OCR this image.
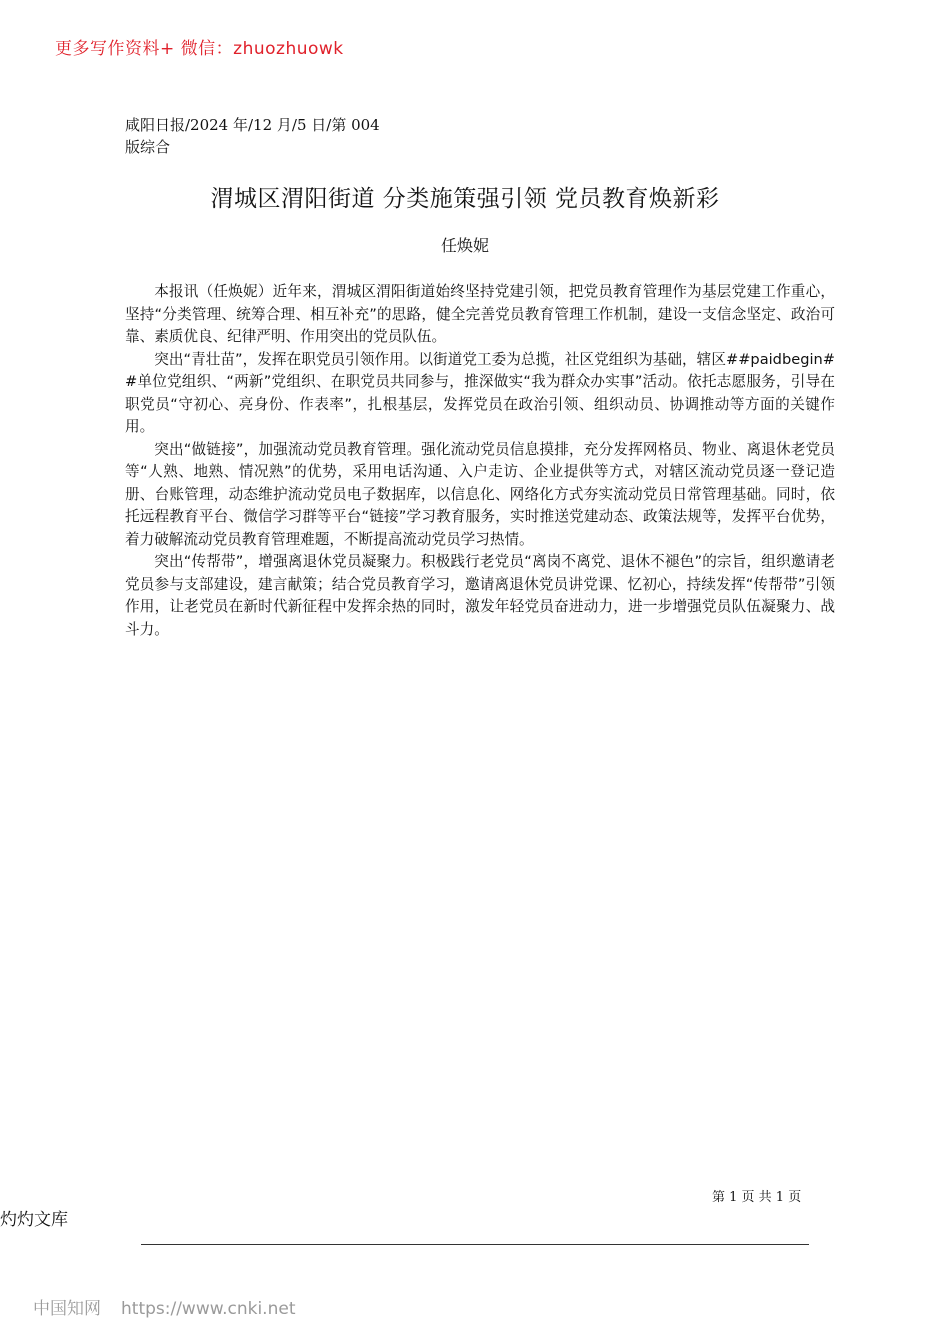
更多写作资料+ 微信：zhuozhuowk
咸阳日报/2024 年/12 月/5 日/第 004
版综合
渭城区渭阳街道 分类施策强引领 党员教育焕新彩
任焕妮

本报讯（任焕妮）近年来，渭城区渭阳街道始终坚持党建引领，把党员教育管理作为基层党建工作重心，坚持“分类管理、统筹合理、相互补充”的思路，健全完善党员教育管理工作机制，建设一支信念坚定、政治可靠、素质优良、纪律严明、作用突出的党员队伍。

突出“青壮苗”，发挥在职党员引领作用。以街道党工委为总揽，社区党组织为基础，辖区##paidbegin##单位党组织、“两新”党组织、在职党员共同参与，推深做实“我为群众办实事”活动。依托志愿服务，引导在职党员“守初心、亮身份、作表率”，扎根基层，发挥党员在政治引领、组织动员、协调推动等方面的关键作用。

突出“做链接”，加强流动党员教育管理。强化流动党员信息摸排，充分发挥网格员、物业、离退休老党员等“人熟、地熟、情况熟”的优势，采用电话沟通、入户走访、企业提供等方式，对辖区流动党员逐一登记造册、台账管理，动态维护流动党员电子数据库，以信息化、网络化方式夯实流动党员日常管理基础。同时，依托远程教育平台、微信学习群等平台“链接”学习教育服务，实时推送党建动态、政策法规等，发挥平台优势，着力破解流动党员教育管理难题，不断提高流动党员学习热情。

突出“传帮带”，增强离退休党员凝聚力。积极践行老党员“离岗不离党、退休不褪色”的宗旨，组织邀请老党员参与支部建设，建言献策；结合党员教育学习，邀请离退休党员讲党课、忆初心，持续发挥“传帮带”引领作用，让老党员在新时代新征程中发挥余热的同时，激发年轻党员奋进动力，进一步增强党员队伍凝聚力、战斗力。

第 1 页 共 1 页
灼灼文库
中国知网 https://www.cnki.net
